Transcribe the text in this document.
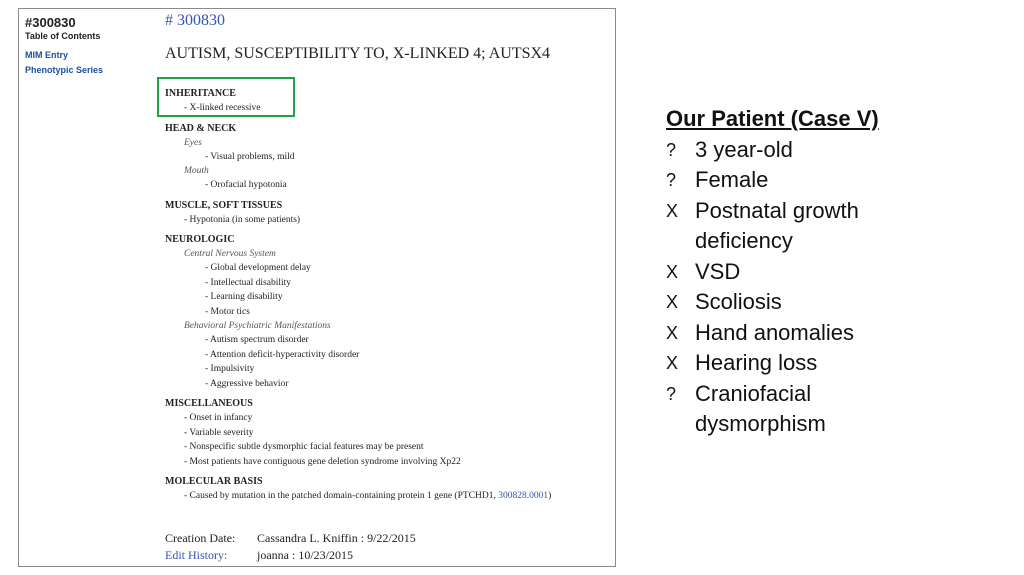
#300830
Table of Contents
MIM Entry
Phenotypic Series
# 300830
AUTISM, SUSCEPTIBILITY TO, X-LINKED 4; AUTSX4
INHERITANCE
- X-linked recessive
HEAD & NECK
Eyes
- Visual problems, mild
Mouth
- Orofacial hypotonia
MUSCLE, SOFT TISSUES
- Hypotonia (in some patients)
NEUROLOGIC
Central Nervous System
- Global development delay
- Intellectual disability
- Learning disability
- Motor tics
Behavioral Psychiatric Manifestations
- Autism spectrum disorder
- Attention deficit-hyperactivity disorder
- Impulsivity
- Aggressive behavior
MISCELLANEOUS
- Onset in infancy
- Variable severity
- Nonspecific subtle dysmorphic facial features may be present
- Most patients have contiguous gene deletion syndrome involving Xp22
MOLECULAR BASIS
- Caused by mutation in the patched domain-containing protein 1 gene (PTCHD1, 300828.0001)
Creation Date:	Cassandra L. Kniffin : 9/22/2015
Edit History:	joanna : 10/23/2015
Our Patient (Case V)
? 3 year-old
? Female
X Postnatal growth
deficiency
X VSD
X Scoliosis
X Hand anomalies
X Hearing loss
? Craniofacial
dysmorphism
